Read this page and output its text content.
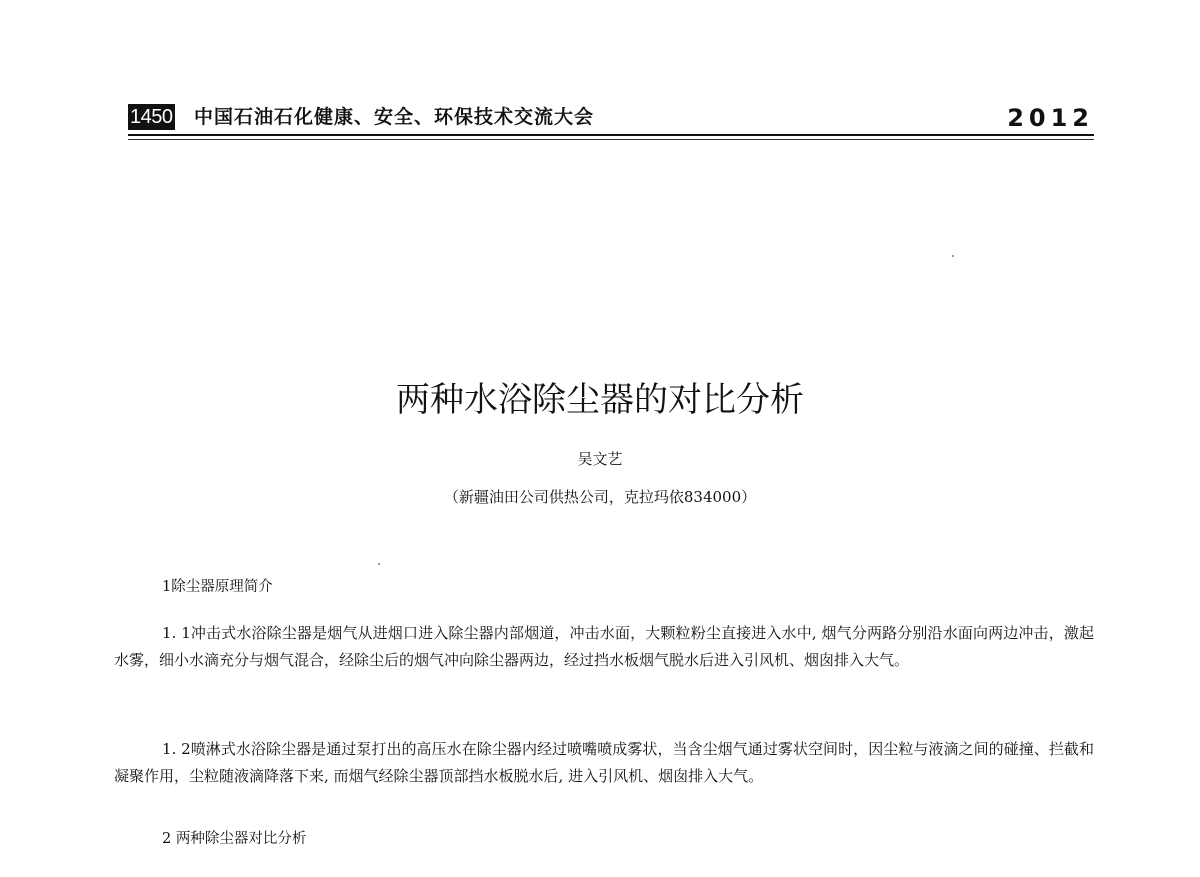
1450 中国石油石化健康、安全、环保技术交流大会	2012
两种水浴除尘器的对比分析
吴文艺
（新疆油田公司供热公司，克拉玛依834000）
1除尘器原理简介

1. 1冲击式水浴除尘器是烟气从进烟口进入除尘器内部烟道，冲击水面，大颗粒粉尘直接进入水中, 烟气分两路分别沿水面向两边冲击，激起水雾，细小水滴充分与烟气混合，经除尘后的烟气冲向除尘器两边，经过挡水板烟气脱水后进入引风机、烟囱排入大气。

1. 2喷淋式水浴除尘器是通过泵打出的高压水在除尘器内经过喷嘴喷成雾状，当含尘烟气通过雾状空间时，因尘粒与液滴之间的碰撞、拦截和凝聚作用，尘粒随液滴降落下来, 而烟气经除尘器顶部挡水板脱水后, 进入引风机、烟囱排入大气。

2 两种除尘器对比分析
